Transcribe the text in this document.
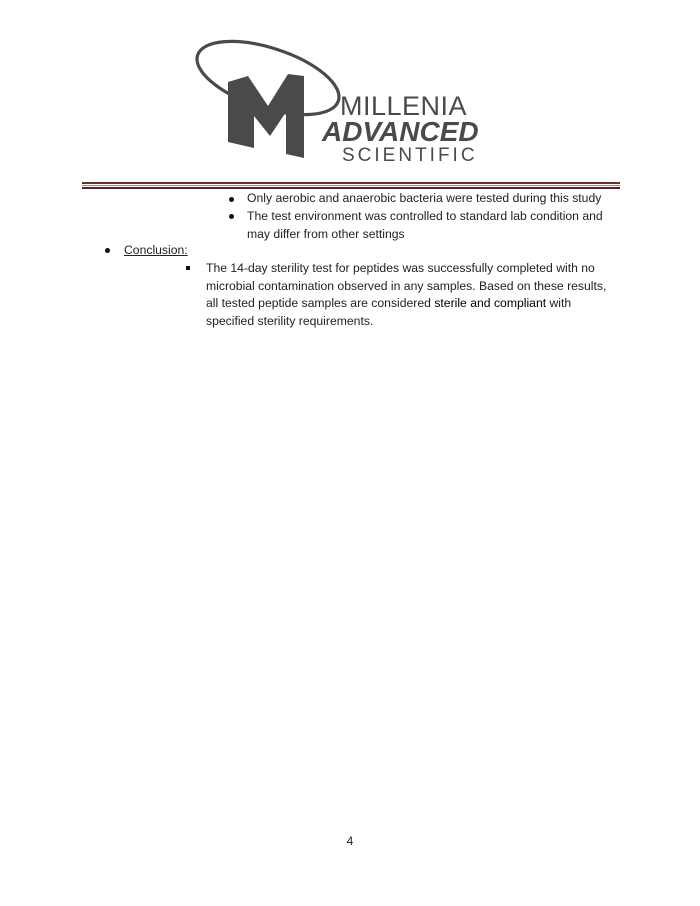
MILLENIA
ADVANCED
SCIENTIFIC
Only aerobic and anaerobic bacteria were tested during this study
The test environment was controlled to standard lab condition and may differ from other settings
Conclusion:
The 14-day sterility test for peptides was successfully completed with no microbial contamination observed in any samples. Based on these results, all tested peptide samples are considered sterile and compliant with specified sterility requirements.
4
